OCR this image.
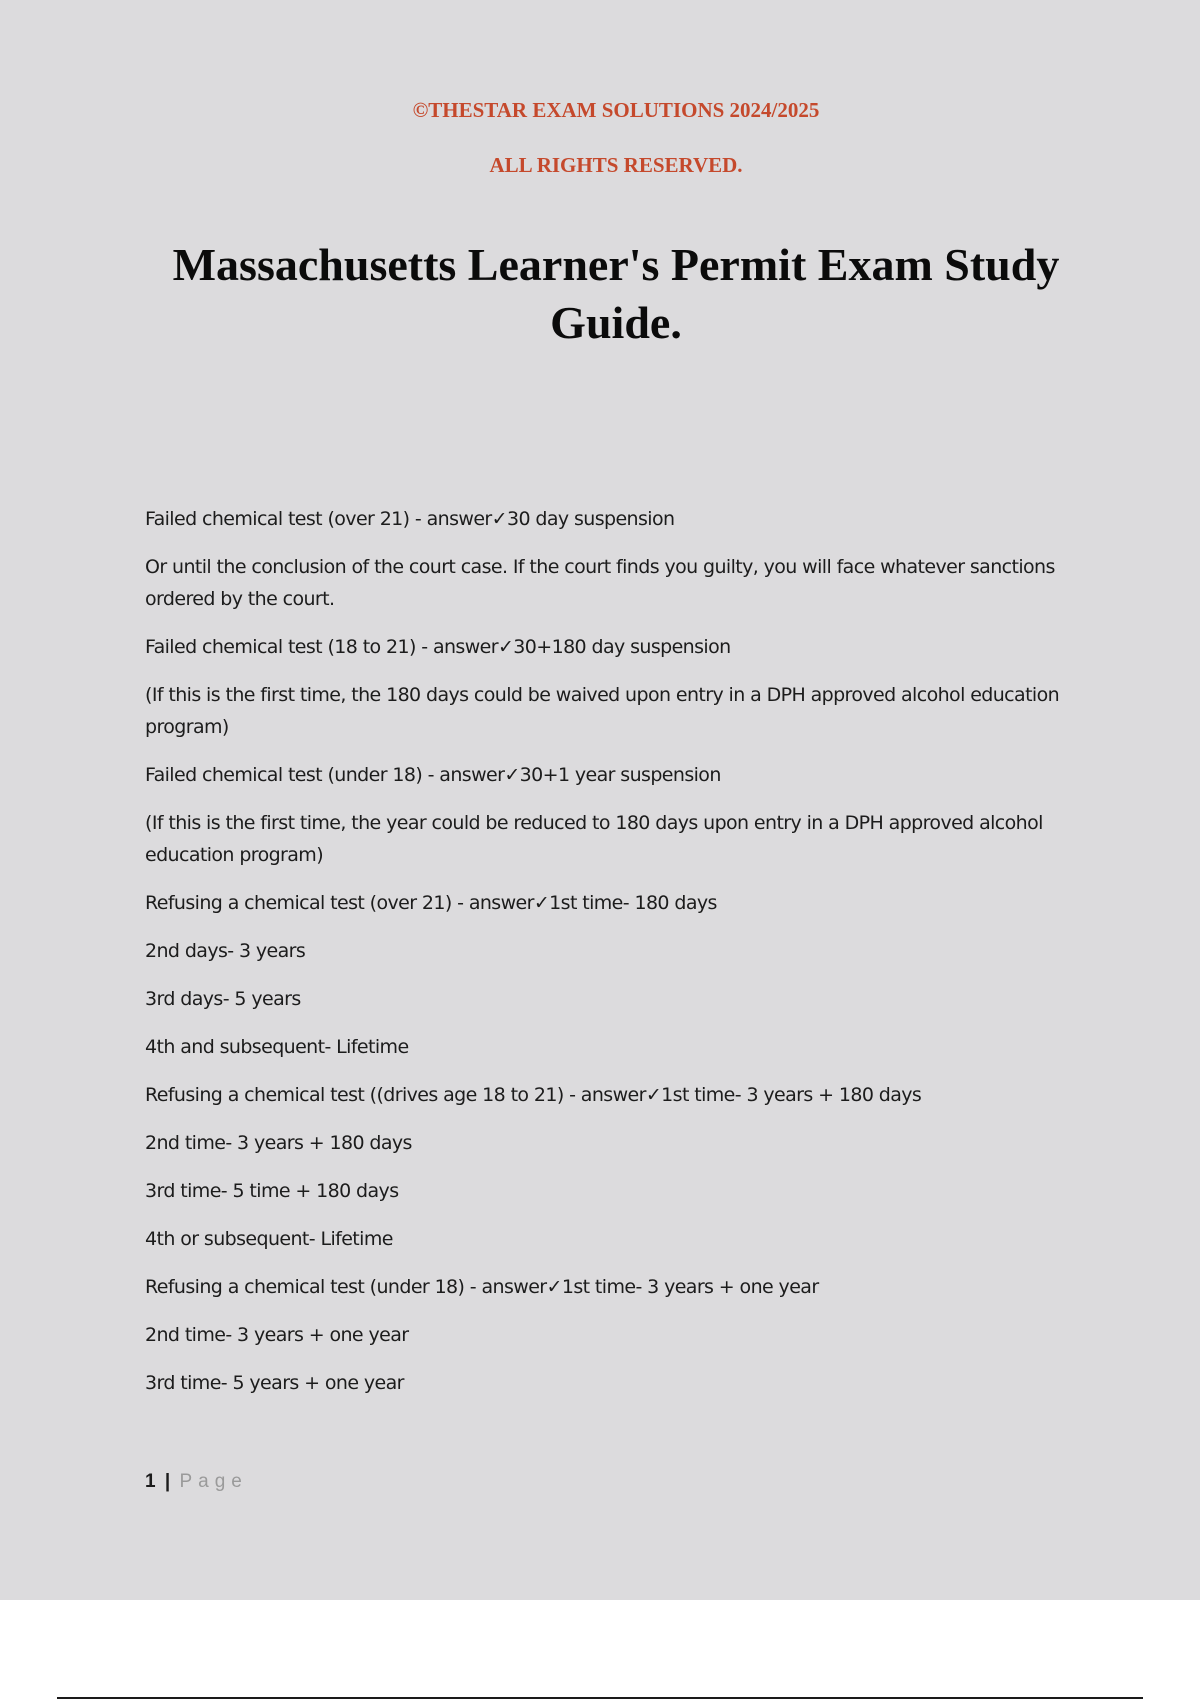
©THESTAR EXAM SOLUTIONS 2024/2025

ALL RIGHTS RESERVED.

Massachusetts Learner's Permit Exam Study Guide.

Failed chemical test (over 21) - answer✓30 day suspension

Or until the conclusion of the court case. If the court finds you guilty, you will face whatever sanctions ordered by the court.

Failed chemical test (18 to 21) - answer✓30+180 day suspension

(If this is the first time, the 180 days could be waived upon entry in a DPH approved alcohol education program)

Failed chemical test (under 18) - answer✓30+1 year suspension

(If this is the first time, the year could be reduced to 180 days upon entry in a DPH approved alcohol education program)

Refusing a chemical test (over 21) - answer✓1st time- 180 days

2nd days- 3 years

3rd days- 5 years

4th and subsequent- Lifetime

Refusing a chemical test ((drives age 18 to 21) - answer✓1st time- 3 years + 180 days

2nd time- 3 years + 180 days

3rd time- 5 time + 180 days

4th or subsequent- Lifetime

Refusing a chemical test (under 18) - answer✓1st time- 3 years + one year

2nd time- 3 years + one year

3rd time- 5 years + one year

1 | Page
